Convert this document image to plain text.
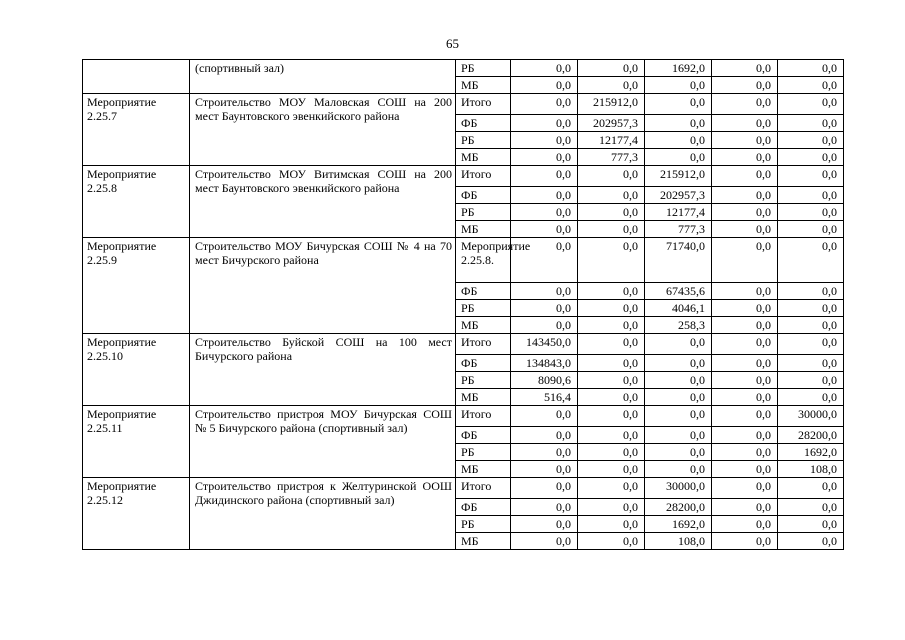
65
	(спортивный зал)	РБ	0,0	0,0	1692,0	0,0	0,0
		МБ	0,0	0,0	0,0	0,0	0,0
Мероприятие 2.25.7	Строительство МОУ Маловская СОШ на 200 мест Баунтовского эвенкийского района	Итого	0,0	215912,0	0,0	0,0	0,0
		ФБ	0,0	202957,3	0,0	0,0	0,0
		РБ	0,0	12177,4	0,0	0,0	0,0
		МБ	0,0	777,3	0,0	0,0	0,0
Мероприятие 2.25.8	Строительство МОУ Витимская СОШ на 200 мест Баунтовского эвенкийского района	Итого	0,0	0,0	215912,0	0,0	0,0
		ФБ	0,0	0,0	202957,3	0,0	0,0
		РБ	0,0	0,0	12177,4	0,0	0,0
		МБ	0,0	0,0	777,3	0,0	0,0
Мероприятие 2.25.9	Строительство МОУ Бичурская СОШ № 4 на 70 мест Бичурского района	Мероприятие 2.25.8.	0,0	0,0	71740,0	0,0	0,0
		ФБ	0,0	0,0	67435,6	0,0	0,0
		РБ	0,0	0,0	4046,1	0,0	0,0
		МБ	0,0	0,0	258,3	0,0	0,0
Мероприятие 2.25.10	Строительство Буйской СОШ на 100 мест Бичурского района	Итого	143450,0	0,0	0,0	0,0	0,0
		ФБ	134843,0	0,0	0,0	0,0	0,0
		РБ	8090,6	0,0	0,0	0,0	0,0
		МБ	516,4	0,0	0,0	0,0	0,0
Мероприятие 2.25.11	Строительство пристроя МОУ Бичурская СОШ № 5 Бичурского района (спортивный зал)	Итого	0,0	0,0	0,0	0,0	30000,0
		ФБ	0,0	0,0	0,0	0,0	28200,0
		РБ	0,0	0,0	0,0	0,0	1692,0
		МБ	0,0	0,0	0,0	0,0	108,0
Мероприятие 2.25.12	Строительство пристроя к Желтуринской ООШ Джидинского района (спортивный зал)	Итого	0,0	0,0	30000,0	0,0	0,0
		ФБ	0,0	0,0	28200,0	0,0	0,0
		РБ	0,0	0,0	1692,0	0,0	0,0
		МБ	0,0	0,0	108,0	0,0	0,0
